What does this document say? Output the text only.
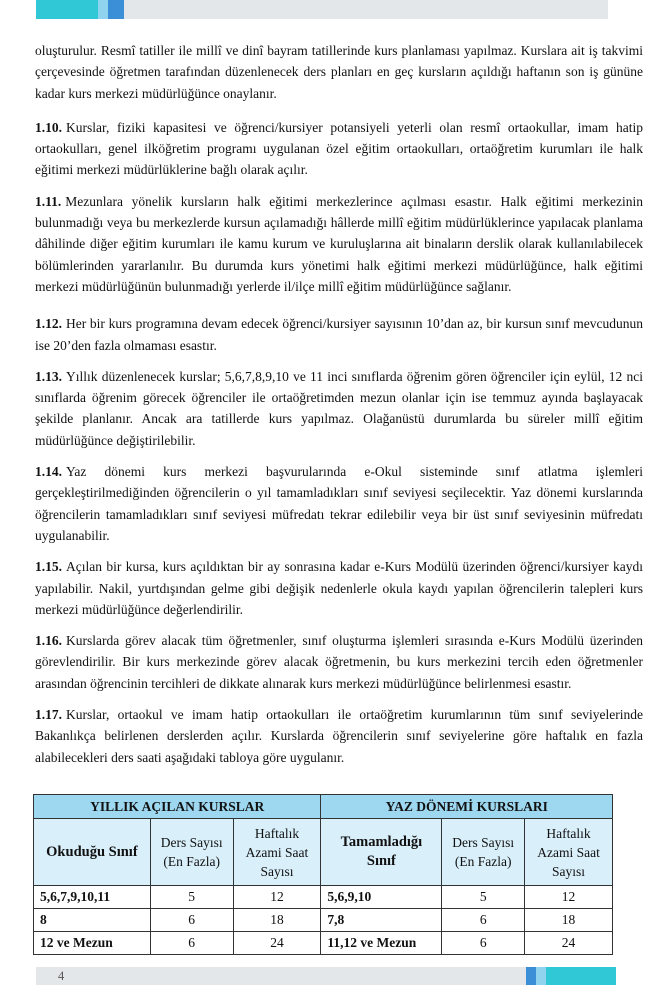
oluşturulur. Resmî tatiller ile millî ve dinî bayram tatillerinde kurs planlaması yapılmaz. Kurslara ait iş takvimi çerçevesinde öğretmen tarafından düzenlenecek ders planları en geç kursların açıldığı haftanın son iş gününe kadar kurs merkezi müdürlüğünce onaylanır.

1.10. Kurslar, fiziki kapasitesi ve öğrenci/kursiyer potansiyeli yeterli olan resmî ortaokullar, imam hatip ortaokulları, genel ilköğretim programı uygulanan özel eğitim ortaokulları, ortaöğretim kurumları ile halk eğitimi merkezi müdürlüklerine bağlı olarak açılır.

1.11. Mezunlara yönelik kursların halk eğitimi merkezlerince açılması esastır. Halk eğitimi merkezinin bulunmadığı veya bu merkezlerde kursun açılamadığı hâllerde millî eğitim müdürlüklerince yapılacak planlama dâhilinde diğer eğitim kurumları ile kamu kurum ve kuruluşlarına ait binaların derslik olarak kullanılabilecek bölümlerinden yararlanılır. Bu durumda kurs yönetimi halk eğitimi merkezi müdürlüğünce, halk eğitimi merkezi müdürlüğünün bulunmadığı yerlerde il/ilçe millî eğitim müdürlüğünce sağlanır.

1.12. Her bir kurs programına devam edecek öğrenci/kursiyer sayısının 10’dan az, bir kursun sınıf mevcudunun ise 20’den fazla olmaması esastır.

1.13. Yıllık düzenlenecek kurslar; 5,6,7,8,9,10 ve 11 inci sınıflarda öğrenim gören öğrenciler için eylül, 12 nci sınıflarda öğrenim görecek öğrenciler ile ortaöğretimden mezun olanlar için ise temmuz ayında başlayacak şekilde planlanır. Ancak ara tatillerde kurs yapılmaz. Olağanüstü durumlarda bu süreler millî eğitim müdürlüğünce değiştirilebilir.

1.14. Yaz dönemi kurs merkezi başvurularında e-Okul sisteminde sınıf atlatma işlemleri gerçekleştirilmediğinden öğrencilerin o yıl tamamladıkları sınıf seviyesi seçilecektir. Yaz dönemi kurslarında öğrencilerin tamamladıkları sınıf seviyesi müfredatı tekrar edilebilir veya bir üst sınıf seviyesinin müfredatı uygulanabilir.

1.15. Açılan bir kursa, kurs açıldıktan bir ay sonrasına kadar e-Kurs Modülü üzerinden öğrenci/kursiyer kaydı yapılabilir. Nakil, yurtdışından gelme gibi değişik nedenlerle okula kaydı yapılan öğrencilerin talepleri kurs merkezi müdürlüğünce değerlendirilir.

1.16. Kurslarda görev alacak tüm öğretmenler, sınıf oluşturma işlemleri sırasında e-Kurs Modülü üzerinden görevlendirilir. Bir kurs merkezinde görev alacak öğretmenin, bu kurs merkezini tercih eden öğretmenler arasından öğrencinin tercihleri de dikkate alınarak kurs merkezi müdürlüğünce belirlenmesi esastır.

1.17. Kurslar, ortaokul ve imam hatip ortaokulları ile ortaöğretim kurumlarının tüm sınıf seviyelerinde Bakanlıkça belirlenen derslerden açılır. Kurslarda öğrencilerin sınıf seviyelerine göre haftalık en fazla alabilecekleri ders saati aşağıdaki tabloya göre uygulanır.

YILLIK AÇILAN KURSLAR			YAZ DÖNEMİ KURSLARI		
Okuduğu Sınıf	Ders Sayısı (En Fazla)	Haftalık Azami Saat Sayısı	Tamamladığı Sınıf	Ders Sayısı (En Fazla)	Haftalık Azami Saat Sayısı
5,6,7,9,10,11	5	12	5,6,9,10	5	12
8	6	18	7,8	6	18
12 ve Mezun	6	24	11,12 ve Mezun	6	24
4
